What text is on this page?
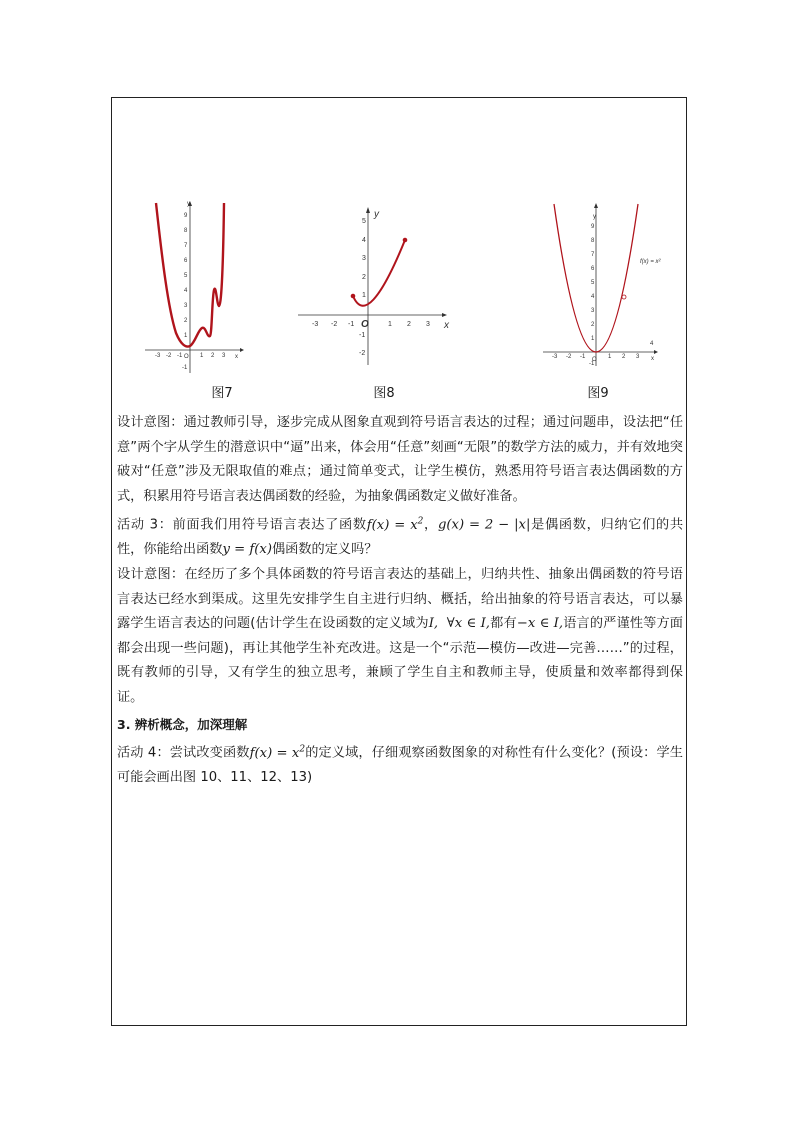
y
x
O
-3 -2 -1	1 2 3
1
2
3
4
5
6
7
8
9
-1
图7
y
x
O
-3 -2 -1	1 2 3
1
2
3
4
5
-1
-2
图8
y
x
O
f(x) = x²
-3 -2 -1	1 2 3
4
1
2
3
4
5
6
7
8
9
-1
图9

设计意图：通过教师引导，逐步完成从图象直观到符号语言表达的过程；通过问题串，设法把“任意”两个字从学生的潜意识中“逼”出来，体会用“任意”刻画“无限”的数学方法的威力，并有效地突破对“任意”涉及无限取值的难点；通过简单变式，让学生模仿，熟悉用符号语言表达偶函数的方式，积累用符号语言表达偶函数的经验，为抽象偶函数定义做好准备。

活动 3：前面我们用符号语言表达了函数$f(x) = x^2$，g(x) = 2 − |x|是偶函数，归纳它们的共性，你能给出函数y = f(x)偶函数的定义吗？

设计意图：在经历了多个具体函数的符号语言表达的基础上，归纳共性、抽象出偶函数的符号语言表达已经水到渠成。这里先安排学生自主进行归纳、概括，给出抽象的符号语言表达，可以暴露学生语言表达的问题(估计学生在设函数的定义域为I, ∀x ∈ I,都有−x ∈ I,语言的严谨性等方面都会出现一些问题)，再让其他学生补充改进。这是一个“示范—模仿—改进—完善……”的过程，既有教师的引导，又有学生的独立思考，兼顾了学生自主和教师主导，使质量和效率都得到保证。

3. 辨析概念，加深理解

活动 4：尝试改变函数$f(x) = x^2$的定义域，仔细观察函数图象的对称性有什么变化？(预设：学生可能会画出图 10、11、12、13)
